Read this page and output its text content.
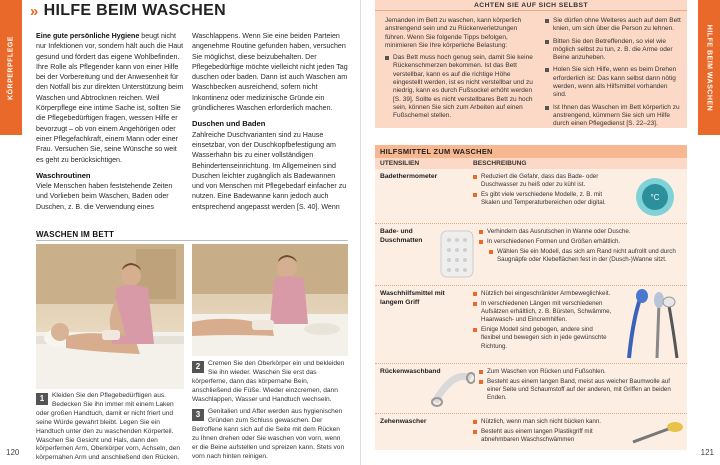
KÖRPERPFLEGE
» HILFE BEIM WASCHEN

Eine gute persönliche Hygiene beugt nicht nur Infektionen vor, sondern hält auch die Haut gesund und fördert das eigene Wohlbefinden. Ihre Rolle als Pflegender kann von einer Hilfe bei der Vorbereitung und der Anwesenheit für den Notfall bis zur direkten Unterstützung beim Waschen und Abtrocknen reichen. Weil Körperpflege eine intime Sache ist, sollten Sie die Pflegebedürftigen fragen, wessen Hilfe er bevorzugt – ob von einem Angehörigen oder einer Pflegefachkraft, einem Mann oder einer Frau. Versuchen Sie, seine Wünsche so weit es geht zu berücksichtigen.

Waschroutinen

Viele Menschen haben feststehende Zeiten und Vorlieben beim Waschen, Baden oder Duschen, z. B. die Verwendung eines

Waschlappens. Wenn Sie eine beiden Parteien angenehme Routine gefunden haben, versuchen Sie möglichst, diese beizubehalten. Der Pflegebedürftige möchte vielleicht nicht jeden Tag duschen oder baden. Dann ist auch Waschen am Waschbecken ausreichend, sofern nicht Inkontinenz oder medizinische Gründe ein gründlicheres Waschen erforderlich machen.

Duschen und Baden

Zahlreiche Duschvarianten sind zu Hause einsetzbar, von der Duschkopfbefestigung am Wasserhahn bis zu einer vollständigen Behindertenseinrichtung. Im Allgemeinen sind Duschen leichter zugänglich als Badewannen und von Menschen mit Pflegebedarf einfacher zu nutzen. Eine Badewanne kann jedoch auch entsprechend angepasst werden [S. 40]. Wenn

WASCHEN IM BETT
1	Kleiden Sie den Pflegebedürftigen aus. Bedecken Sie ihn immer mit einem Laken oder großen Handtuch, damit er nicht friert und seine Würde gewahrt bleibt. Legen Sie ein Handtuch unter den zu waschenden Körperteil. Waschen Sie Gesicht und Hals, dann den körperfernen Arm, Oberkörper vorn, Achseln, den körpernahen Arm und anschließend den Rücken.
2	Cremen Sie den Oberkörper ein und bekleiden Sie ihn wieder. Waschen Sie erst das körperferne, dann das körpernahe Bein, anschließend die Füße. Wieder einzcremen, dann Waschlappen, Wasser und Handtuch wechseln.
3	Genitalien und After werden aus hygienischen Gründen zum Schluss gewaschen. Der Betroffene kann sich auf die Seite mit dem Rücken zu Ihnen drehen oder Sie waschen von vorn, wenn er die Beine aufstellen und spreizen kann. Stets von vorn nach hinten reinigen.
120
HILFE BEIM WASCHEN
ACHTEN SIE AUF SICH SELBST

Jemanden im Bett zu waschen, kann körperlich anstrengend sein und zu Rückenverletzungen führen. Wenn Sie folgende Tipps befolgen, minimieren Sie Ihre körperliche Belastung:

Das Bett muss hoch genug sein, damit Sie keine Rückenschmerzen bekommen. Ist das Bett verstellbar, kann es auf die richtige Höhe eingestellt werden, ist es nicht verstellbar und zu niedrig, kann es durch Fußsockel erhöht werden [S. 39]. Sollte es nicht verstellbares Bett zu hoch sein, können Sie sich zum Arbeiten auf einen Fußschemel stellen.
Sie dürfen ohne Weiteres auch auf dem Bett knien, um sich über die Person zu lehnen.
Bitten Sie den Betreffenden, so viel wie möglich selbst zu tun, z. B. die Arme oder Beine anzuheben.
Holen Sie sich Hilfe, wenn es beim Drehen erforderlich ist: Das kann selbst dann nötig werden, wenn alls Hilfsmittel vorhanden sind.
Ist Ihnen das Waschen im Bett körperlich zu anstrengend, kümmern Sie sich um Hilfe durch einen Pflegedienst [S. 22–23].
HILFSMITTEL ZUM WASCHEN
UTENSILIEN	BESCHREIBUNG
Badethermometer	Reduziert die Gefahr, dass das Bade- oder Duschwasser zu heiß oder zu kühl ist.
Es gibt viele verschiedene Modelle, z. B. mit Skalen und Temperaturbereichen oder digital.
°C
Bade- und Duschmatten
Verhindern das Ausrutschen in Wanne oder Dusche.
In verschiedenen Formen und Größen erhältlich.
Wählen Sie ein Modell, das sich am Rand nicht aufrollt und durch Saugnäpfe oder Klebeflächen fest in der (Dusch-)Wanne sitzt.
Waschhilfsmittel mit langem Griff
Nützlich bei eingeschränkter Armbeweglichkeit.
In verschiedenen Längen mit verschiedenen Aufsätzen erhältlich, z. B. Bürsten, Schwämme, Haarwasch- und Eincremhilfen.
Einige Modell sind gebogen, andere sind flexibel und bewegen sich in jede gewünschte Richtung.
Rückenwaschband	Zum Waschen von Rücken und Fußsohlen.
Besteht aus einem langen Band, meist aus weicher Baumwolle auf einer Seite und Schaumstoff auf der anderen, mit Griffen an beiden Enden.
Zehenwascher	Nützlich, wenn man sich nicht bücken kann.
Besteht aus einem langen Plastikgriff mit abnehmbaren Waschschwämmen
121
